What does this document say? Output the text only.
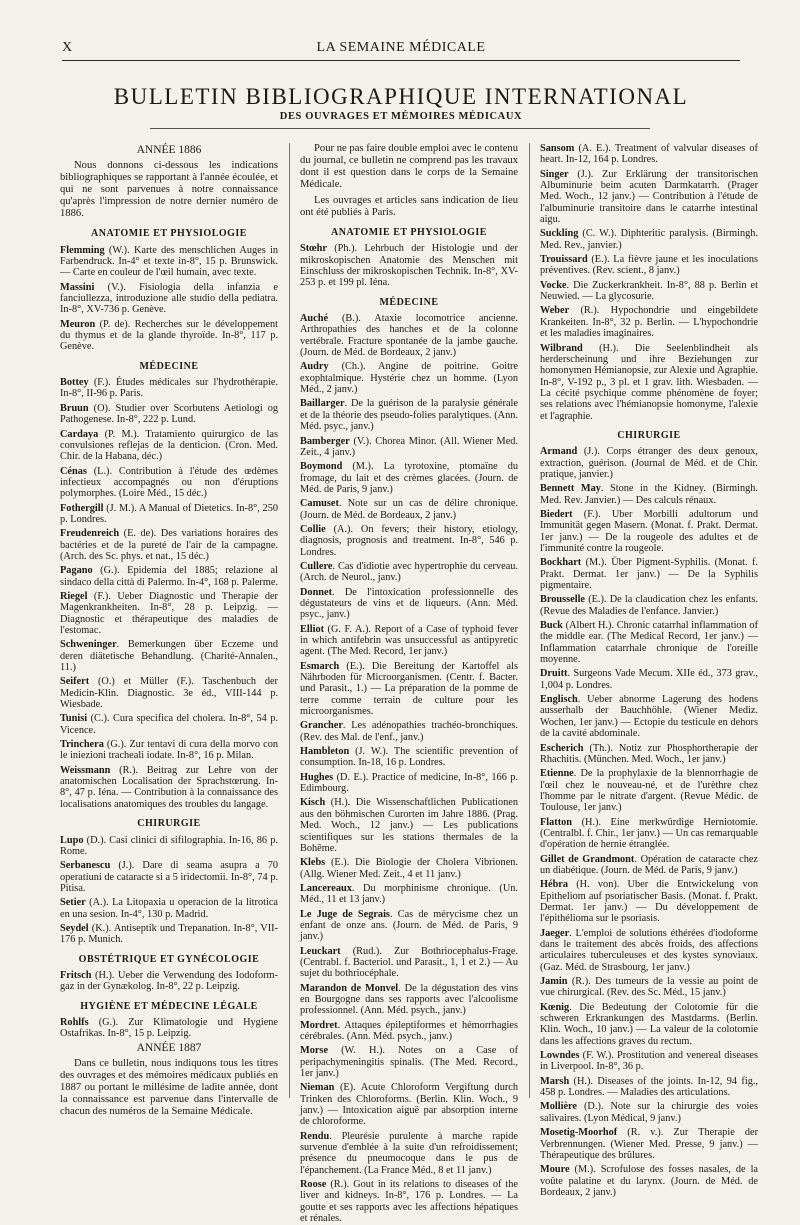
X	LA SEMAINE MÉDICALE
BULLETIN BIBLIOGRAPHIQUE INTERNATIONAL
DES OUVRAGES ET MÉMOIRES MÉDICAUX
ANNÉE 1886
Nous donnons ci-dessous les indications bibliographiques se rapportant à l'année écoulée, et qui ne sont parvenues à notre connaissance qu'après l'impression de notre dernier numéro de 1886.
ANATOMIE ET PHYSIOLOGIE

Flemming (W.). Karte des menschlichen Auges in Farbendruck. In-4° et texte in-8°, 15 p. Brunswick. — Carte en couleur de l'œil humain, avec texte.

Massini (V.). Fisiologia della infanzia e fanciullezza, introduzione alle studio della pediatra. In-8°, XV-736 p. Genève.

Meuron (P. de). Recherches sur le développement du thymus et de la glande thyroïde. In-8°, 117 p. Genève.

MÉDECINE

Bottey (F.). Études médicales sur l'hydrothérapie. In-8°, II-96 p. Paris.

Bruun (O). Studier over Scorbutens Aetiologi og Pathogenese. In-8°, 222 p. Lund.

Cardaya (P. M.). Tratamiento quirurgico de las convulsiones reflejas de la denticion. (Cron. Med. Chir. de la Habana, déc.)

Cénas (L.). Contribution à l'étude des œdèmes infectieux accompagnés ou non d'éruptions polymorphes. (Loire Méd., 15 déc.)

Fothergill (J. M.). A Manual of Dietetics. In-8°, 250 p. Londres.

Freudenreich (E. de). Des variations horaires des bactéries et de la pureté de l'air de la campagne. (Arch. des Sc. phys. et nat., 15 déc.)

Pagano (G.). Epidemia del 1885; relazione al sindaco della città di Palermo. In-4°, 168 p. Palerme.

Riegel (F.). Ueber Diagnostic und Therapie der Magenkrankheiten. In-8°, 28 p. Leipzig. — Diagnostic et thérapeutique des maladies de l'estomac.

Schweninger. Bemerkungen über Eczeme und deren diätetische Behandlung. (Charité-Annalen., 11.)

Seifert (O.) et Müller (F.). Taschenbuch der Medicin-Klin. Diagnostic. 3e éd., VIII-144 p. Wiesbade.

Tunisi (C.). Cura specifica del cholera. In-8°, 54 p. Vicence.

Trinchera (G.). Zur tentavi di cura della morvo con le iniezioni tracheali iodate. In-8°, 16 p. Milan.

Weissmann (R.). Beitrag zur Lehre von der anatomischen Localisation der Sprachstœrung. In-8°, 47 p. Iéna. — Contribution à la connaissance des localisations anatomiques des troubles du langage.

CHIRURGIE

Lupo (D.). Casi clinici di sifilographia. In-16, 86 p. Rome.

Serbanescu (J.). Dare di seama asupra a 70 operatiuni de cataracte si a 5 iridectomii. In-8°, 74 p. Pitisa.

Setier (A.). La Litopaxia u operacion de la litrotica en una sesion. In-4°, 130 p. Madrid.

Seydel (K.). Antiseptik und Trepanation. In-8°, VII-176 p. Munich.

OBSTÉTRIQUE ET GYNÉCOLOGIE

Fritsch (H.). Ueber die Verwendung des Iodoform-gaz in der Gynækolog. In-8°, 22 p. Leipzig.

HYGIÈNE ET MÉDECINE LÉGALE

Rohlfs (G.). Zur Klimatologie und Hygiene Ostafrikas. In-8°, 15 p. Leipzig.

ANNÉE 1887
Dans ce bulletin, nous indiquons tous les titres des ouvrages et des mémoires médicaux publiés en 1887 ou portant le millésime de ladite année, dont la connaissance est parvenue dans l'intervalle de chacun des numéros de la Semaine Médicale.
Pour ne pas faire double emploi avec le contenu du journal, ce bulletin ne comprend pas les travaux dont il est question dans le corps de la Semaine Médicale.
Les ouvrages et articles sans indication de lieu ont été publiés à Paris.
ANATOMIE ET PHYSIOLOGIE

Stœhr (Ph.). Lehrbuch der Histologie und der mikroskopischen Anatomie des Menschen mit Einschluss der mikroskopischen Technik. In-8°, XV-253 p. et 199 pl. Iéna.

MÉDECINE

Auché (B.). Ataxie locomotrice ancienne. Arthropathies des hanches et de la colonne vertébrale. Fracture spontanée de la jambe gauche. (Journ. de Méd. de Bordeaux, 2 janv.)

Audry (Ch.). Angine de poitrine. Goitre exophtalmique. Hystérie chez un homme. (Lyon Méd., 2 janv.)

Baillarger. De la guérison de la paralysie générale et de la théorie des pseudo-folies paralytiques. (Ann. Méd. psyc., janv.)

Bamberger (V.). Chorea Minor. (All. Wiener Med. Zeit., 4 janv.)

Boymond (M.). La tyrotoxine, ptomaïne du fromage, du lait et des crèmes glacées. (Journ. de Méd. de Paris, 9 janv.)

Camuset. Note sur un cas de délire chronique. (Journ. de Méd. de Bordeaux, 2 janv.)

Collie (A.). On fevers; their history, etiology, diagnosis, prognosis and treatment. In-8°, 546 p. Londres.

Cullere. Cas d'idiotie avec hypertrophie du cerveau. (Arch. de Neurol., janv.)

Donnet. De l'intoxication professionnelle des dégustateurs de vins et de liqueurs. (Ann. Méd. psyc., janv.)

Elliot (G. F. A.). Report of a Case of typhoid fever in which antifebrin was unsuccessful as antipyretic agent. (The Med. Record, 1er janv.)

Esmarch (E.). Die Bereitung der Kartoffel als Nährboden für Microorganismen. (Centr. f. Bacter. und Parasit., 1.) — La préparation de la pomme de terre comme terrain de culture pour les microorganismes.

Grancher. Les adénopathies trachéo-bronchiques. (Rev. des Mal. de l'enf., janv.)

Hambleton (J. W.). The scientific prevention of consumption. In-18, 16 p. Londres.

Hughes (D. E.). Practice of medicine, In-8°, 166 p. Edimbourg.

Kisch (H.). Die Wissenschaftlichen Publicationen aus den böhmischen Curorten im Jahre 1886. (Prag. Med. Woch., 12 janv.) — Les publications scientifiques sur les stations thermales de la Bohême.

Klebs (E.). Die Biologie der Cholera Vibrionen. (Allg. Wiener Med. Zeit., 4 et 11 janv.)

Lancereaux. Du morphinisme chronique. (Un. Méd., 11 et 13 janv.)

Le Juge de Segrais. Cas de mérycisme chez un enfant de onze ans. (Journ. de Méd. de Paris, 9 janv.)

Leuckart (Rud.). Zur Bothriocephalus-Frage. (Centrabl. f. Bacteriol. und Parasit., 1, 1 et 2.) — Au sujet du bothriocéphale.

Marandon de Monvel. De la dégustation des vins en Bourgogne dans ses rapports avec l'alcoolisme professionnel. (Ann. Méd. psych., janv.)

Mordret. Attaques épileptiformes et hémorrhagies cérébrales. (Ann. Méd. psych., janv.)

Morse (W. H.). Notes on a Case of peripachymeningitis spinalis. (The Med. Record., 1er janv.)

Nieman (E). Acute Chloroform Vergiftung durch Trinken des Chloroforms. (Berlin. Klin. Woch., 9 janv.) — Intoxication aiguë par absorption interne de chloroforme.

Rendu. Pleurésie purulente à marche rapide survenue d'emblée à la suite d'un refroidissement; présence du pneumocoque dans le pus de l'épanchement. (La France Méd., 8 et 11 janv.)

Roose (R.). Gout in its relations to diseases of the liver and kidneys. In-8°, 176 p. Londres. — La goutte et ses rapports avec les affections hépatiques et rénales.

Sansom (A. E.). Treatment of valvular diseases of heart. In-12, 164 p. Londres.

Singer (J.). Zur Erklärung der transitorischen Albuminurie beim acuten Darmkatarrh. (Prager Med. Woch., 12 janv.) — Contribution à l'étude de l'albuminurie transitoire dans le catarrhe intestinal aigu.

Suckling (C. W.). Diphteritic paralysis. (Birmingh. Med. Rev., janvier.)

Trouissard (E.). La fièvre jaune et les inoculations préventives. (Rev. scient., 8 janv.)

Vocke. Die Zuckerkrankheit. In-8°, 88 p. Berlin et Neuwied. — La glycosurie.

Weber (R.). Hypochondrie und eingebildete Krankeiten. In-8°, 32 p. Berlin. — L'hypochondrie et les maladies imaginaires.

Wilbrand (H.). Die Seelenblindheit als herderscheinung und ihre Beziehungen zur homonymen Hémianopsie, zur Alexie und Agraphie. In-8°, V-192 p., 3 pl. et 1 grav. lith. Wiesbaden. — La cécité psychique comme phénomène de foyer; ses relations avec l'hémianopsie homonyme, l'alexie et l'agraphie.

CHIRURGIE

Armand (J.). Corps étranger des deux genoux, extraction, guérison. (Journal de Méd. et de Chir. pratique, janvier.)

Bennett May. Stone in the Kidney. (Birmingh. Med. Rev. Janvier.) — Des calculs rénaux.

Biedert (F.). Uber Morbilli adultorum und Immunität gegen Masern. (Monat. f. Prakt. Dermat. 1er janv.) — De la rougeole des adultes et de l'immunité contre la rougeole.

Bockhart (M.). Über Pigment-Syphilis. (Monat. f. Prakt. Dermat. 1er janv.) — De la Syphilis pigmentaire.

Brousselle (E.). De la claudication chez les enfants. (Revue des Maladies de l'enfance. Janvier.)

Buck (Albert H.). Chronic catarrhal inflammation of the middle ear. (The Medical Record, 1er janv.) — Inflammation catarrhale chronique de l'oreille moyenne.

Druitt. Surgeons Vade Mecum. XIIe éd., 373 grav., 1,004 p. Londres.

Englisch. Ueber abnorme Lagerung des hodens ausserhalb der Bauchhöhle. (Wiener Mediz. Wochen, 1er janv.) — Ectopie du testicule en dehors de la cavité abdominale.

Escherich (Th.). Notiz zur Phosphortherapie der Rhachitis. (München. Med. Woch., 1er janv.)

Etienne. De la prophylaxie de la blennorrhagie de l'œil chez le nouveau-né, et de l'urèthre chez l'homme par le nitrate d'argent. (Revue Médic. de Toulouse, 1er janv.)

Flatton (H.). Eine merkwürdige Herniotomie. (Centralbl. f. Chir., 1er janv.) — Un cas remarquable d'opération de hernie étranglée.

Gillet de Grandmont. Opération de cataracte chez un diabétique. (Journ. de Méd. de Paris, 9 janv.)

Hébra (H. von). Uber die Entwickelung von Epitheliom auf psoriatischer Basis. (Monat. f. Prakt. Dermat. 1er janv.) — Du développement de l'épithélioma sur le psoriasis.

Jaeger. L'emploi de solutions éthérées d'iodoforme dans le traitement des abcès froids, des affections articulaires tuberculeuses et des kystes synoviaux. (Gaz. Méd. de Strasbourg, 1er janv.)

Jamin (R.). Des tumeurs de la vessie au point de vue chirurgical. (Rev. des Sc. Méd., 15 janv.)

Kœnig. Die Bedeutung der Colotomie für die schweren Erkrankungen des Mastdarms. (Berlin. Klin. Woch., 10 janv.) — La valeur de la colotomie dans les affections graves du rectum.

Lowndes (F. W.). Prostitution and venereal diseases in Liverpool. In-8°, 36 p.

Marsh (H.). Diseases of the joints. In-12, 94 fig., 458 p. Londres. — Maladies des articulations.

Mollière (D.). Note sur la chirurgie des voies salivaires. (Lyon Médical, 9 janv.)

Mosetig-Moorhof (R. v.). Zur Therapie der Verbrennungen. (Wiener Med. Presse, 9 janv.) — Thérapeutique des brûlures.

Moure (M.). Scrofulose des fosses nasales, de la voûte palatine et du larynx. (Journ. de Méd. de Bordeaux, 2 janv.)
